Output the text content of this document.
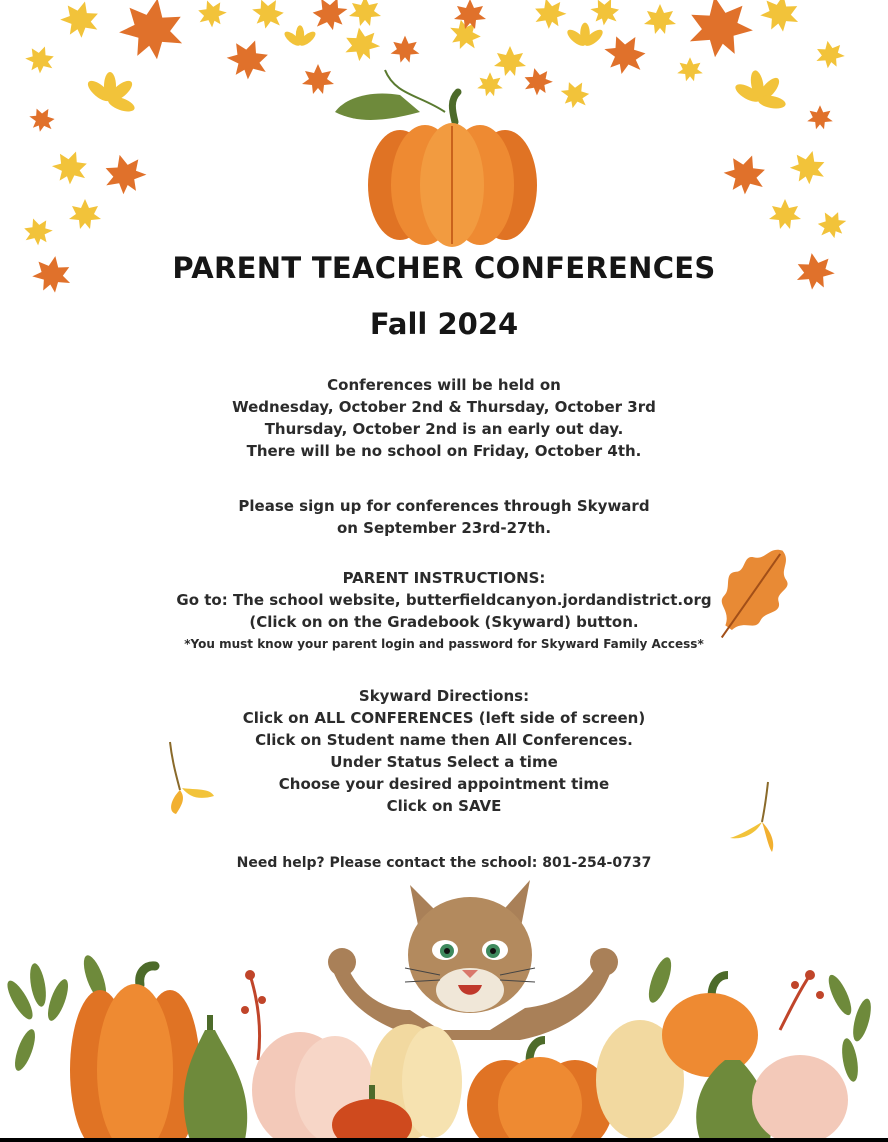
PARENT TEACHER CONFERENCES
Fall 2024
Conferences will be held on
Wednesday, October 2nd & Thursday, October 3rd
Thursday, October 2nd is an early out day.
There will be no school on Friday, October 4th.
Please sign up for conferences through Skyward
on September 23rd-27th.
PARENT INSTRUCTIONS:
Go to: The school website, butterfieldcanyon.jordandistrict.org
(Click on on the Gradebook (Skyward) button.
*You must know your parent login and password for Skyward Family Access*
Skyward Directions:
Click on ALL CONFERENCES (left side of screen)
Click on Student name then All Conferences.
Under Status Select a time
Choose your desired appointment time
Click on SAVE
Need help? Please contact the school: 801-254-0737
